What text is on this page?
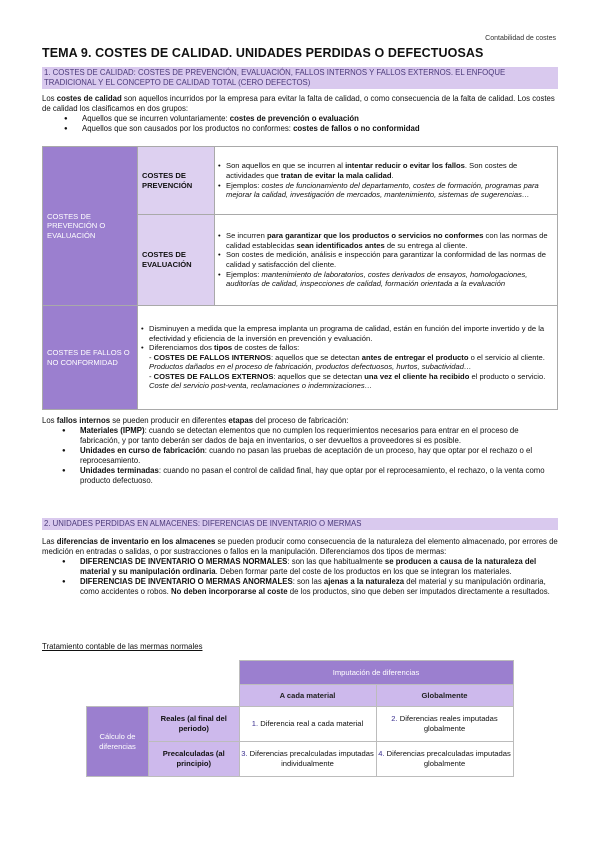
Contabilidad de costes
TEMA 9. COSTES DE CALIDAD. UNIDADES PERDIDAS O DEFECTUOSAS
1. COSTES DE CALIDAD: COSTES DE PREVENCIÓN, EVALUACIÓN, FALLOS INTERNOS Y FALLOS EXTERNOS. EL ENFOQUE TRADICIONAL Y EL CONCEPTO DE CALIDAD TOTAL (CERO DEFECTOS)
Los costes de calidad son aquellos incurridos por la empresa para evitar la falta de calidad, o como consecuencia de la falta de calidad. Los costes de calidad los clasificamos en dos grupos:
● Aquellos que se incurren voluntariamente: costes de prevención o evaluación
● Aquellos que son causados por los productos no conformes: costes de fallos o no conformidad
COSTES DE PREVENCIÓN O EVALUACIÓN	COSTES DE PREVENCIÓN	• Son aquellos en que se incurren al intentar reducir o evitar los fallos. Son costes de actividades que tratan de evitar la mala calidad.
• Ejemplos: costes de funcionamiento del departamento, costes de formación, programas para mejorar la calidad, investigación de mercados, mantenimiento, sistemas de sugerencias…

	COSTES DE EVALUACIÓN	• Se incurren para garantizar que los productos o servicios no conformes con las normas de calidad establecidas sean identificados antes de su entrega al cliente.
• Son costes de medición, análisis e inspección para garantizar la conformidad de las normas de calidad y satisfacción del cliente.
• Ejemplos: mantenimiento de laboratorios, costes derivados de ensayos, homologaciones, auditorías de calidad, inspecciones de calidad, formación orientada a la evaluación

COSTES DE FALLOS O NO CONFORMIDAD	• Disminuyen a medida que la empresa implanta un programa de calidad, están en función del importe invertido y de la efectividad y eficiencia de la inversión en prevención y evaluación.
• Diferenciamos dos tipos de costes de fallos:
- COSTES DE FALLOS INTERNOS: aquellos que se detectan antes de entregar el producto o el servicio al cliente. Productos dañados en el proceso de fabricación, productos defectuosos, hurtos, subactividad…
- COSTES DE FALLOS EXTERNOS: aquellos que se detectan una vez el cliente ha recibido el producto o servicio. Coste del servicio post-venta, reclamaciones o indemnizaciones…
Los fallos internos se pueden producir en diferentes etapas del proceso de fabricación:
● Materiales (IPMP): cuando se detectan elementos que no cumplen los requerimientos necesarios para entrar en el proceso de fabricación, y por tanto deberán ser dados de baja en inventarios, o ser devueltos a proveedores si es posible.
● Unidades en curso de fabricación: cuando no pasan las pruebas de aceptación de un proceso, hay que optar por el rechazo o el reprocesamiento.
● Unidades terminadas: cuando no pasan el control de calidad final, hay que optar por el reprocesamiento, el rechazo, o la venta como producto defectuoso.
2. UNIDADES PERDIDAS EN ALMACENES: DIFERENCIAS DE INVENTARIO O MERMAS
Las diferencias de inventario en los almacenes se pueden producir como consecuencia de la naturaleza del elemento almacenado, por errores de medición en entradas o salidas, o por sustracciones o fallos en la manipulación. Diferenciamos dos tipos de mermas:
● DIFERENCIAS DE INVENTARIO O MERMAS NORMALES: son las que habitualmente se producen a causa de la naturaleza del material y su manipulación ordinaria. Deben formar parte del coste de los productos en los que se integran los materiales.
● DIFERENCIAS DE INVENTARIO O MERMAS ANORMALES: son las ajenas a la naturaleza del material y su manipulación ordinaria, como accidentes o robos. No deben incorporarse al coste de los productos, sino que deben ser imputados directamente a resultados.
Tratamiento contable de las mermas normales
		Imputación de diferencias	
		A cada material	Globalmente
Cálculo de diferencias	Reales (al final del periodo)	1. Diferencia real a cada material	2. Diferencias reales imputadas globalmente
	Precalculadas (al principio)	3. Diferencias precalculadas imputadas individualmente	4. Diferencias precalculadas imputadas globalmente
